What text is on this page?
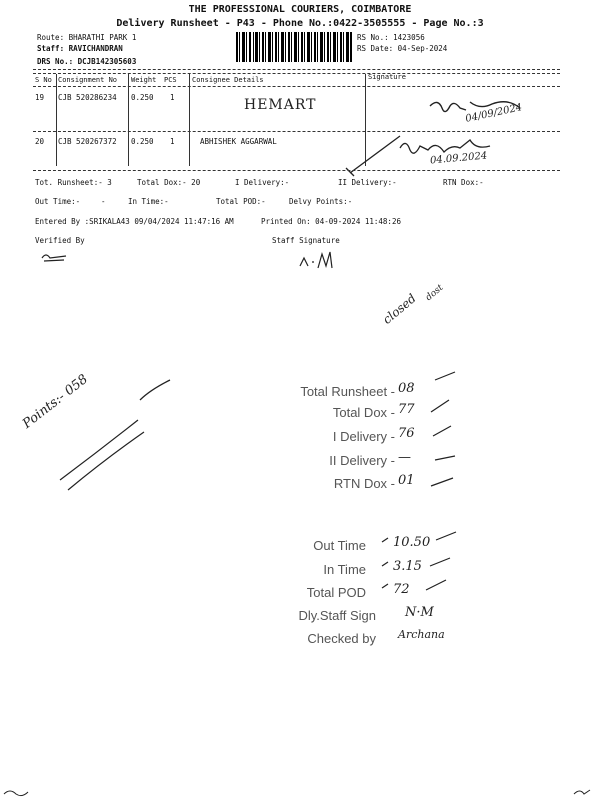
THE PROFESSIONAL COURIERS, COIMBATORE
Delivery Runsheet - P43 - Phone No.:0422-3505555 - Page No.:3
Route: BHARATHI PARK 1
Staff: RAVICHANDRAN
DRS No.: DCJB142305603
RS No.: 1423056
RS Date: 04-Sep-2024
S No Consignment No Weight PCS Consignee Details	Signature
19 CJB 520286234 0.250 1	HEMART	04/09/2024
20 CJB 520267372 0.250 1	ABHISHEK AGGARWAL
04.09.2024
Tot. Runsheet:- 3	Total Dox:- 20	I Delivery:-	II Delivery:-	RTN Dox:-
Out Time:-	-	In Time:-	Total POD:-	Delvy Points:-
Entered By :SRIKALA43 09/04/2024 11:47:16 AM	Printed On: 04-09-2024 11:48:26
Verified By	Staff Signature
closed dost
Points:- 058	Total Runsheet - 08
Total Dox - 77
I Delivery - 76
II Delivery - —
RTN Dox - 01
Out Time 10.50
In Time 3.15
Total POD 72
Dly.Staff Sign N·M
Checked by Archana
